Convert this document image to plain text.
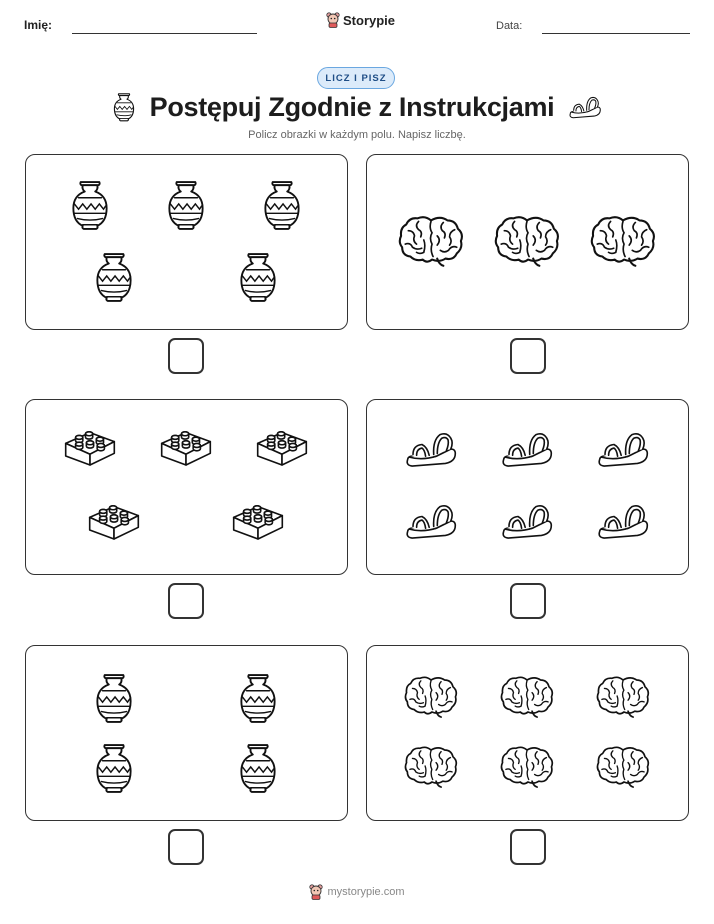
Imię:	Storypie	Data:
LICZ I PISZ
Postępuj Zgodnie z Instrukcjami
Policz obrazki w każdym polu. Napisz liczbę.
mystorypie.com
